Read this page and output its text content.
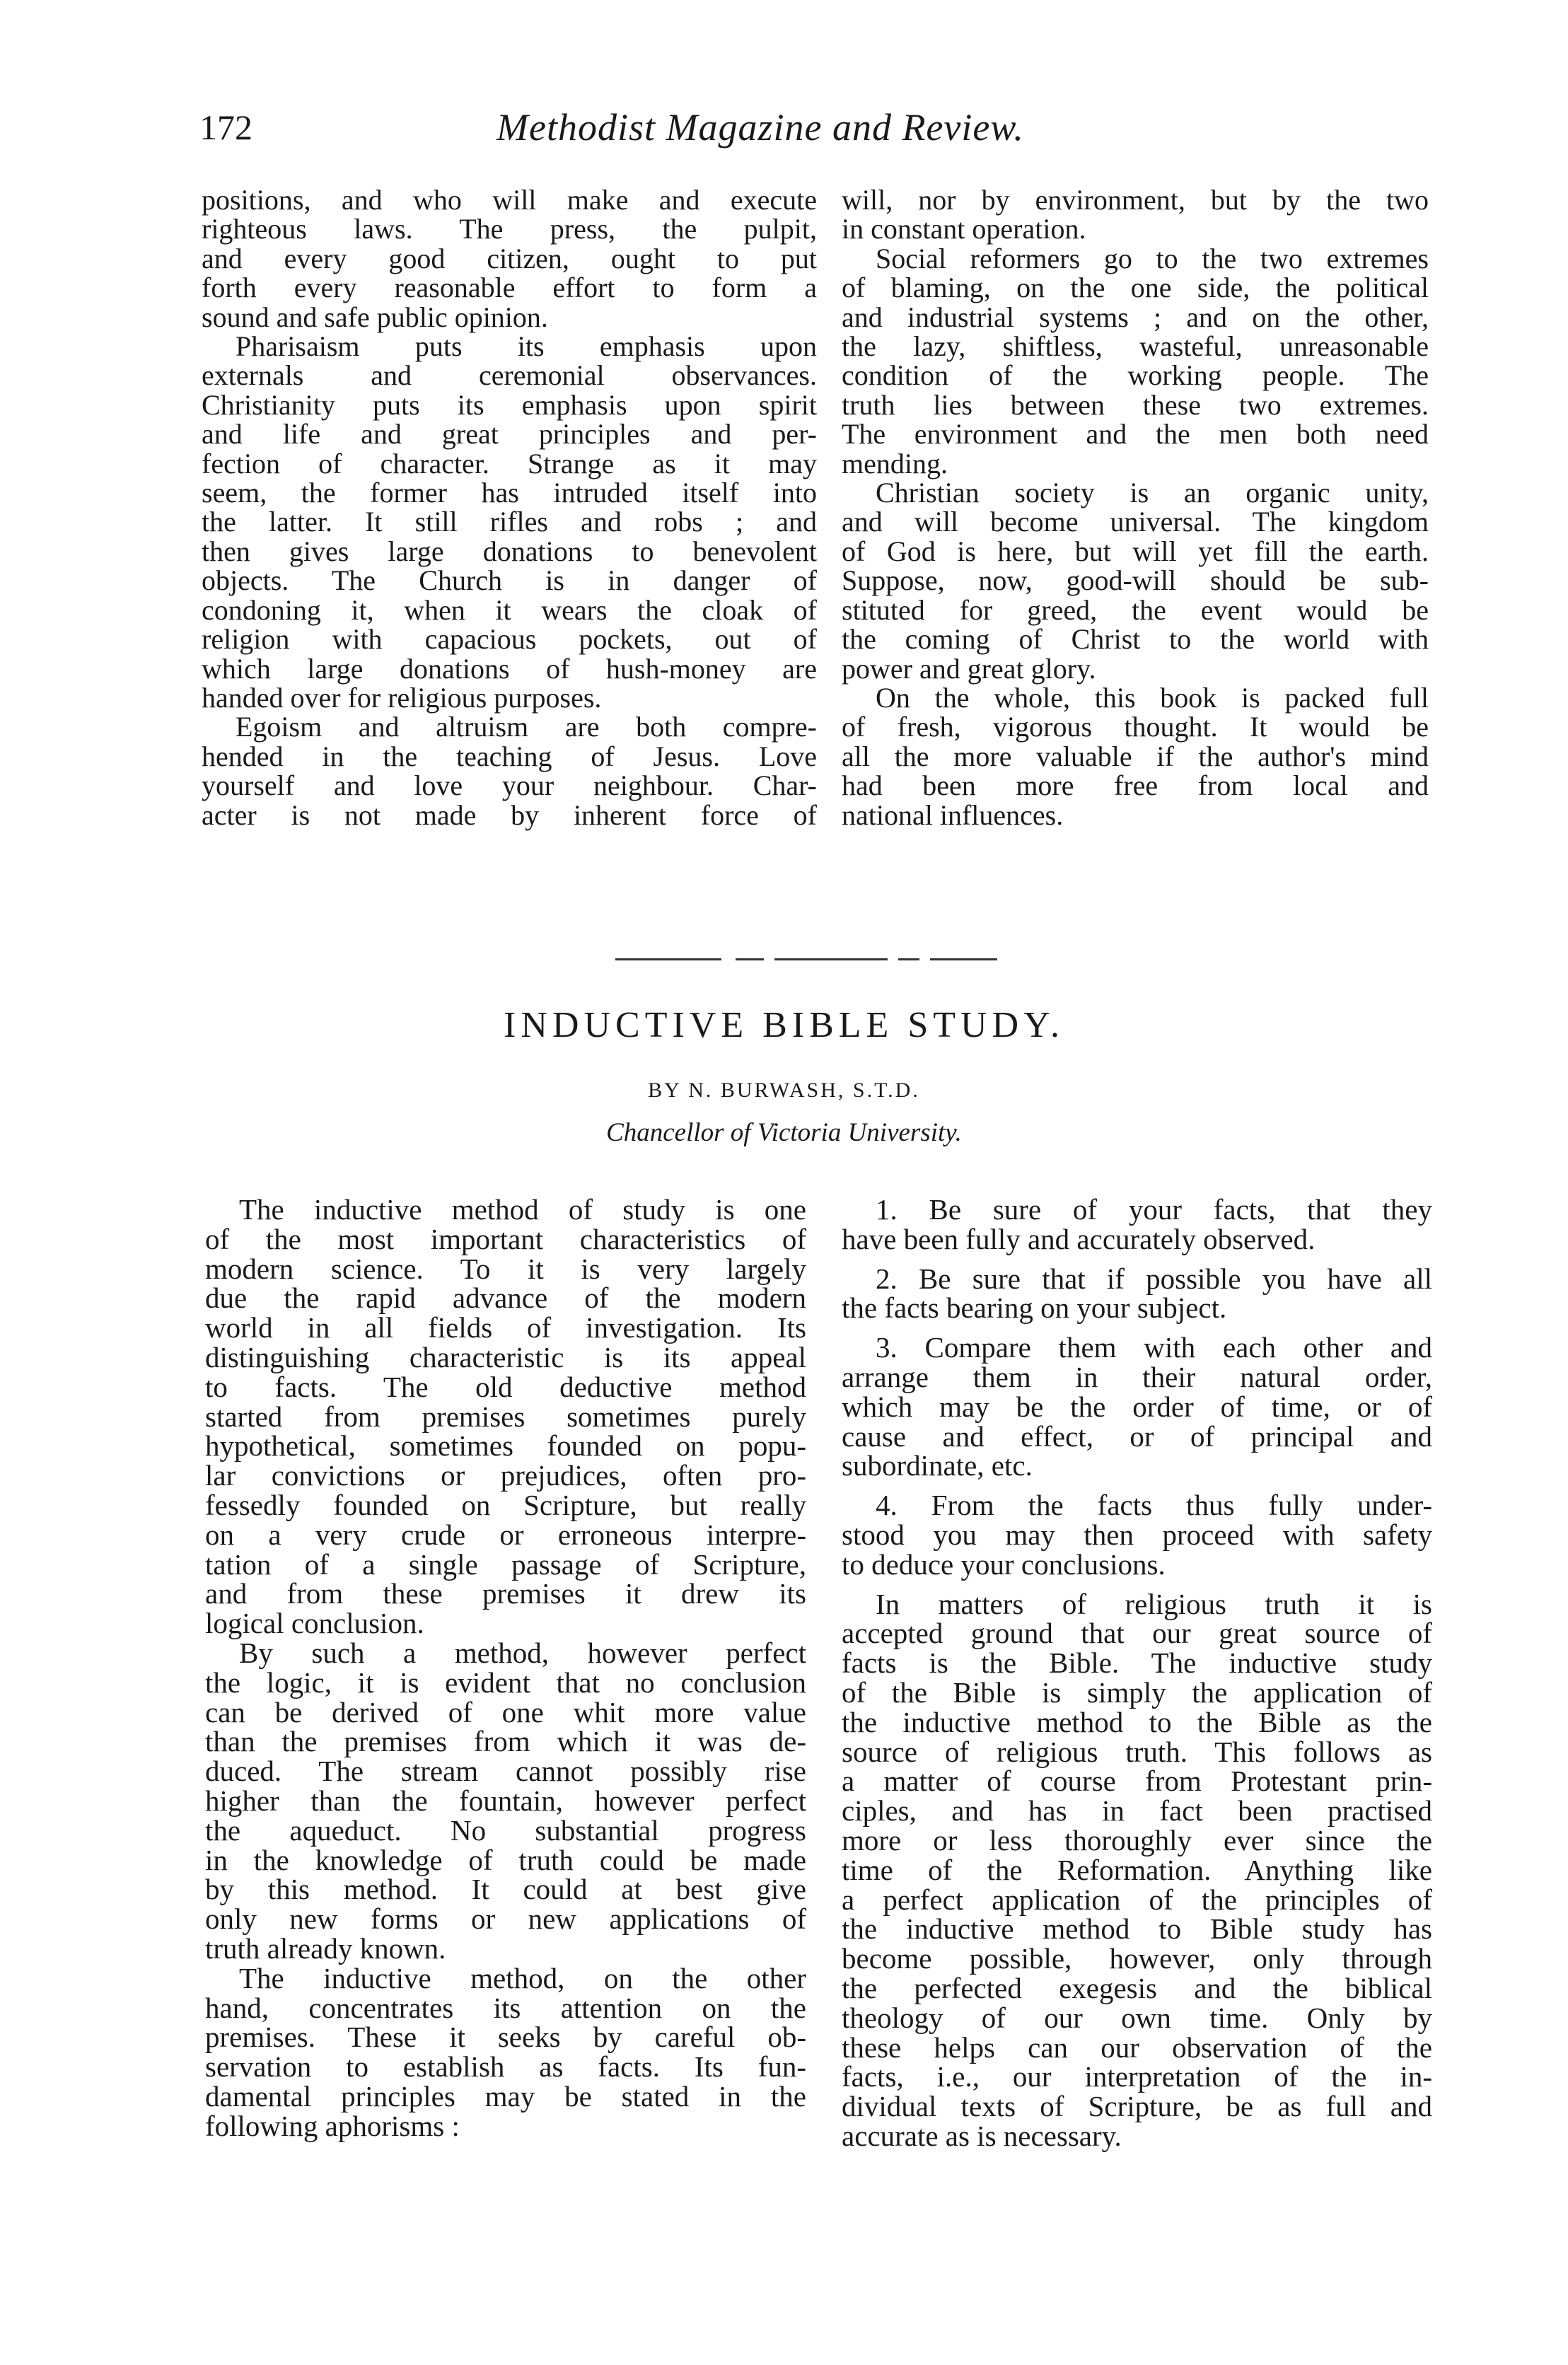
172	Methodist Magazine and Review.
positions, and who will make and execute
righteous laws. The press, the pulpit,
and every good citizen, ought to put
forth every reasonable effort to form a
sound and safe public opinion.
Pharisaism puts its emphasis upon
externals and ceremonial observances.
Christianity puts its emphasis upon spirit
and life and great principles and per-
fection of character. Strange as it may
seem, the former has intruded itself into
the latter. It still rifles and robs ; and
then gives large donations to benevolent
objects. The Church is in danger of
condoning it, when it wears the cloak of
religion with capacious pockets, out of
which large donations of hush-money are
handed over for religious purposes.
Egoism and altruism are both compre-
hended in the teaching of Jesus. Love
yourself and love your neighbour. Char-
acter is not made by inherent force of
will, nor by environment, but by the two
in constant operation.
Social reformers go to the two extremes
of blaming, on the one side, the political
and industrial systems ; and on the other,
the lazy, shiftless, wasteful, unreasonable
condition of the working people. The
truth lies between these two extremes.
The environment and the men both need
mending.
Christian society is an organic unity,
and will become universal. The kingdom
of God is here, but will yet fill the earth.
Suppose, now, good-will should be sub-
stituted for greed, the event would be
the coming of Christ to the world with
power and great glory.
On the whole, this book is packed full
of fresh, vigorous thought. It would be
all the more valuable if the author's mind
had been more free from local and
national influences.
INDUCTIVE BIBLE STUDY.
BY N. BURWASH, S.T.D.
Chancellor of Victoria University.
The inductive method of study is one
of the most important characteristics of
modern science. To it is very largely
due the rapid advance of the modern
world in all fields of investigation. Its
distinguishing characteristic is its appeal
to facts. The old deductive method
started from premises sometimes purely
hypothetical, sometimes founded on popu-
lar convictions or prejudices, often pro-
fessedly founded on Scripture, but really
on a very crude or erroneous interpre-
tation of a single passage of Scripture,
and from these premises it drew its
logical conclusion.
By such a method, however perfect
the logic, it is evident that no conclusion
can be derived of one whit more value
than the premises from which it was de-
duced. The stream cannot possibly rise
higher than the fountain, however perfect
the aqueduct. No substantial progress
in the knowledge of truth could be made
by this method. It could at best give
only new forms or new applications of
truth already known.
The inductive method, on the other
hand, concentrates its attention on the
premises. These it seeks by careful ob-
servation to establish as facts. Its fun-
damental principles may be stated in the
following aphorisms :

1. Be sure of your facts, that they
have been fully and accurately observed.

2. Be sure that if possible you have all
the facts bearing on your subject.

3. Compare them with each other and
arrange them in their natural order,
which may be the order of time, or of
cause and effect, or of principal and
subordinate, etc.

4. From the facts thus fully under-
stood you may then proceed with safety
to deduce your conclusions.

In matters of religious truth it is
accepted ground that our great source of
facts is the Bible. The inductive study
of the Bible is simply the application of
the inductive method to the Bible as the
source of religious truth. This follows as
a matter of course from Protestant prin-
ciples, and has in fact been practised
more or less thoroughly ever since the
time of the Reformation. Anything like
a perfect application of the principles of
the inductive method to Bible study has
become possible, however, only through
the perfected exegesis and the biblical
theology of our own time. Only by
these helps can our observation of the
facts, i.e., our interpretation of the in-
dividual texts of Scripture, be as full and
accurate as is necessary.
